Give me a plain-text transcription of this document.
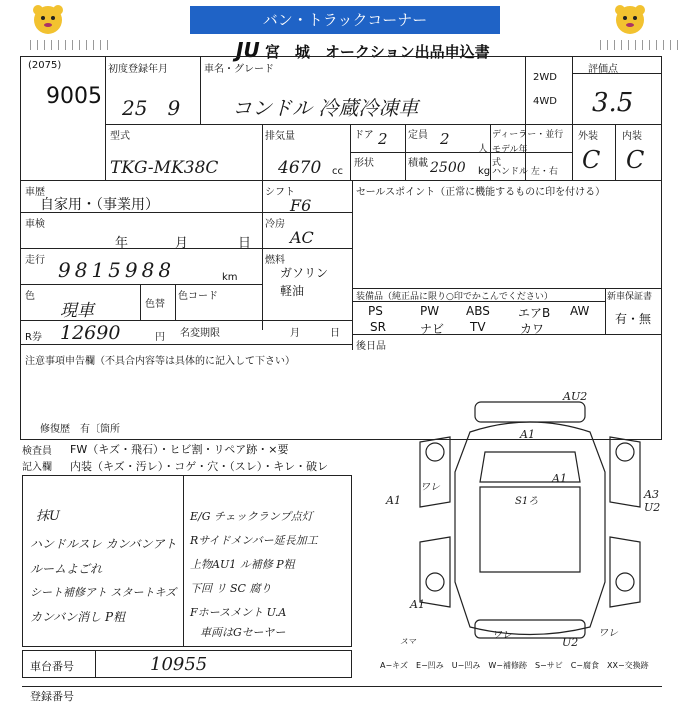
バン・トラックコーナー
JU 宮　城　オークション出品申込書
(2075)
9005
初度登録年月
25　9
車名・グレード
コンドル 冷蔵冷凍車
2WD
4WD
評価点
3.5
型式
TKG-MK38C
排気量
4670 cc
ドア 2 定員 2
人
ディーラー・並行
モデル年式
形状	積載 2500 kg ハンドル 左・右
外装 内装
C C
車歴
自家用・（事業用）
シフト
F6
セールスポイント（正常に機能するものに印を付ける）
車検
年	月	日
冷房
AC
走行 9815988	km
燃料
ガソリン 軽油
色
現車	色替
色コード	装備品（純正品に限り○印でかこんでください）	新車保証書
有・無
PS	PW ABS エアB AW
SR	ナビ TV	カワ
R券 12690	円 名変期限	月	日
後日品
注意事項申告欄（不具合内容等は具体的に記入して下さい）
修復歴　有〔箇所
検査員 FW（キズ・飛石）・ヒビ割・リペア跡・×要
記入欄 内装（キズ・汚レ）・コゲ・穴・（スレ）・キレ・破レ
抹U
ハンドルスレ カンバンアト
ルームよごれ
シート補修アト スタートキズ
カンバン消し P粗
E/G チェックランプ点灯
Rサイドメンバー延長加工
上物AU1 ル補修 P粗
下回 リ SC 腐り
Fホースメント U.A
車両はGセーヤー
AU2
A1
A1
ワレ
S1ろ
A1
A3 U2
A1
スマ
ワレ
U2
ワレ
車台番号	10955	A−キズ　E−凹み　U−凹み　W−補修跡　S−サビ　C−腐食　XX−交換跡
登録番号
